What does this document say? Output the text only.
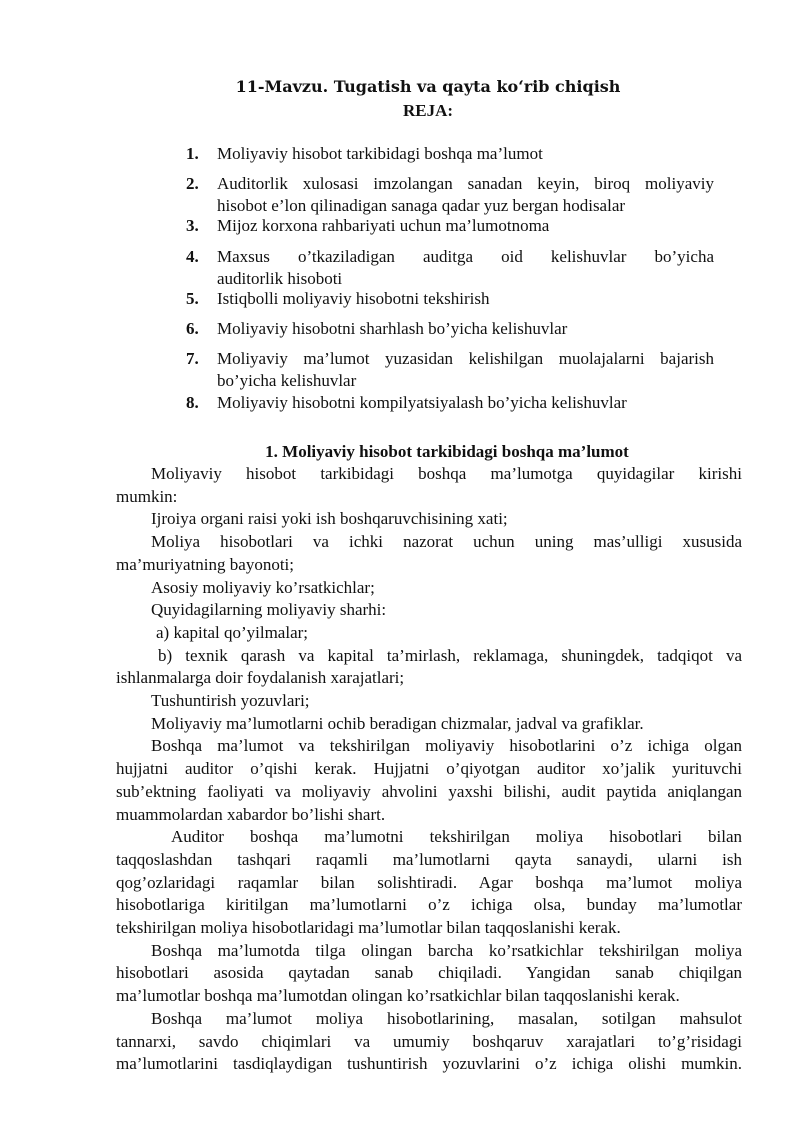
11-Mavzu. Tugatish va qayta ko‘rib chiqish
REJA:
1.	Moliyaviy hisobot tarkibidagi boshqa ma’lumot
2.	Auditorlik xulosasi imzolangan sanadan keyin, biroq moliyaviy
hisobot e’lon qilinadigan sanaga qadar yuz bergan hodisalar
3.	Mijoz korxona rahbariyati uchun ma’lumotnoma
4.	Maxsus o’tkaziladigan auditga oid kelishuvlar bo’yicha
auditorlik hisoboti
5.	Istiqbolli moliyaviy hisobotni tekshirish
6.	Moliyaviy hisobotni sharhlash bo’yicha kelishuvlar
7.	Moliyaviy ma’lumot yuzasidan kelishilgan muolajalarni bajarish
bo’yicha kelishuvlar
8.	Moliyaviy hisobotni kompilyatsiyalash bo’yicha kelishuvlar
1. Moliyaviy hisobot tarkibidagi boshqa ma’lumot
Moliyaviy hisobot tarkibidagi boshqa ma’lumotga quyidagilar kirishi
mumkin:
Ijroiya organi raisi yoki ish boshqaruvchisining xati;
Moliya hisobotlari va ichki nazorat uchun uning mas’ulligi xususida
ma’muriyatning bayonoti;
Asosiy moliyaviy ko’rsatkichlar;
Quyidagilarning moliyaviy sharhi:
a) kapital qo’yilmalar;
b) texnik qarash va kapital ta’mirlash, reklamaga, shuningdek, tadqiqot va
ishlanmalarga doir foydalanish xarajatlari;
Tushuntirish yozuvlari;
Moliyaviy ma’lumotlarni ochib beradigan chizmalar, jadval va grafiklar.
Boshqa ma’lumot va tekshirilgan moliyaviy hisobotlarini o’z ichiga olgan
hujjatni auditor o’qishi kerak. Hujjatni o’qiyotgan auditor xo’jalik yurituvchi
sub’ektning faoliyati va moliyaviy ahvolini yaxshi bilishi, audit paytida aniqlangan
muammolardan xabardor bo’lishi shart.
Auditor boshqa ma’lumotni tekshirilgan moliya hisobotlari bilan
taqqoslashdan tashqari raqamli ma’lumotlarni qayta sanaydi, ularni ish
qog’ozlaridagi raqamlar bilan solishtiradi. Agar boshqa ma’lumot moliya
hisobotlariga kiritilgan ma’lumotlarni o’z ichiga olsa, bunday ma’lumotlar
tekshirilgan moliya hisobotlaridagi ma’lumotlar bilan taqqoslanishi kerak.
Boshqa ma’lumotda tilga olingan barcha ko’rsatkichlar tekshirilgan moliya
hisobotlari asosida qaytadan sanab chiqiladi. Yangidan sanab chiqilgan
ma’lumotlar boshqa ma’lumotdan olingan ko’rsatkichlar bilan taqqoslanishi kerak.
Boshqa ma’lumot moliya hisobotlarining, masalan, sotilgan mahsulot
tannarxi, savdo chiqimlari va umumiy boshqaruv xarajatlari to’g’risidagi
ma’lumotlarini tasdiqlaydigan tushuntirish yozuvlarini o’z ichiga olishi mumkin.
